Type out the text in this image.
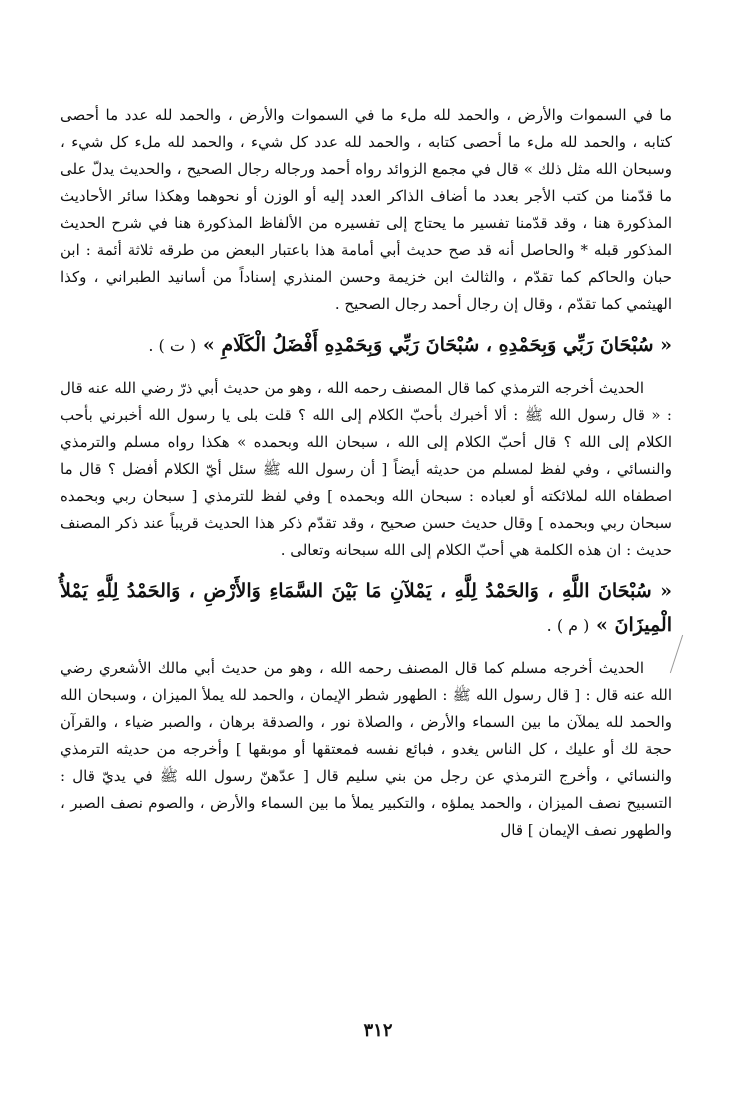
ما في السموات والأرض ، والحمد لله ملء ما في السموات والأرض ، والحمد لله عدد ما أحصى كتابه ، والحمد لله ملء ما أحصى كتابه ، والحمد لله عدد كل شيء ، والحمد لله ملء كل شيء ، وسبحان الله مثل ذلك » قال في مجمع الزوائد رواه أحمد ورجاله رجال الصحيح ، والحديث يدلّ على ما قدّمنا من كتب الأجر بعدد ما أضاف الذاكر العدد إليه أو الوزن أو نحوهما وهكذا سائر الأحاديث المذكورة هنا ، وقد قدّمنا تفسير ما يحتاج إلى تفسيره من الألفاظ المذكورة هنا في شرح الحديث المذكور قبله * والحاصل أنه قد صح حديث أبي أمامة هذا باعتبار البعض من طرقه ثلاثة أئمة : ابن حبان والحاكم كما تقدّم ، والثالث ابن خزيمة وحسن المنذري إسناداً من أسانيد الطبراني ، وكذا الهيثمي كما تقدّم ، وقال إن رجال أحمد رجال الصحيح .

« سُبْحَانَ رَبِّي وَبِحَمْدِهِ ، سُبْحَانَ رَبِّي وَبِحَمْدِهِ أَفْضَلُ الْكَلَامِ » ( ت ) .

الحديث أخرجه الترمذي كما قال المصنف رحمه الله ، وهو من حديث أبي ذرّ رضي الله عنه قال : « قال رسول الله ﷺ : ألا أخبرك بأحبّ الكلام إلى الله ؟ قلت بلى يا رسول الله أخبرني بأحب الكلام إلى الله ؟ قال أحبّ الكلام إلى الله ، سبحان الله وبحمده » هكذا رواه مسلم والترمذي والنسائي ، وفي لفظ لمسلم من حديثه أيضاً [ أن رسول الله ﷺ سئل أيّ الكلام أفضل ؟ قال ما اصطفاه الله لملائكته أو لعباده : سبحان الله وبحمده ] وفي لفظ للترمذي [ سبحان ربي وبحمده سبحان ربي وبحمده ] وقال حديث حسن صحيح ، وقد تقدّم ذكر هذا الحديث قريباً عند ذكر المصنف حديث : ان هذه الكلمة هي أحبّ الكلام إلى الله سبحانه وتعالى .

« سُبْحَانَ اللَّهِ ، وَالحَمْدُ لِلَّهِ ، يَمْلآنِ مَا بَيْنَ السَّمَاءِ وَالأَرْضِ ، وَالحَمْدُ لِلَّهِ يَمْلأُ الْمِيزَانَ » ( م ) .

الحديث أخرجه مسلم كما قال المصنف رحمه الله ، وهو من حديث أبي مالك الأشعري رضي الله عنه قال : [ قال رسول الله ﷺ : الطهور شطر الإيمان ، والحمد لله يملأ الميزان ، وسبحان الله والحمد لله يملآن ما بين السماء والأرض ، والصلاة نور ، والصدقة برهان ، والصبر ضياء ، والقرآن حجة لك أو عليك ، كل الناس يغدو ، فبائع نفسه فمعتقها أو موبقها ] وأخرجه من حديثه الترمذي والنسائي ، وأخرج الترمذي عن رجل من بني سليم قال [ عدّهنّ رسول الله ﷺ في يديّ قال : التسبيح نصف الميزان ، والحمد يملؤه ، والتكبير يملأ ما بين السماء والأرض ، والصوم نصف الصبر ، والطهور نصف الإيمان ] قال

٣١٢
